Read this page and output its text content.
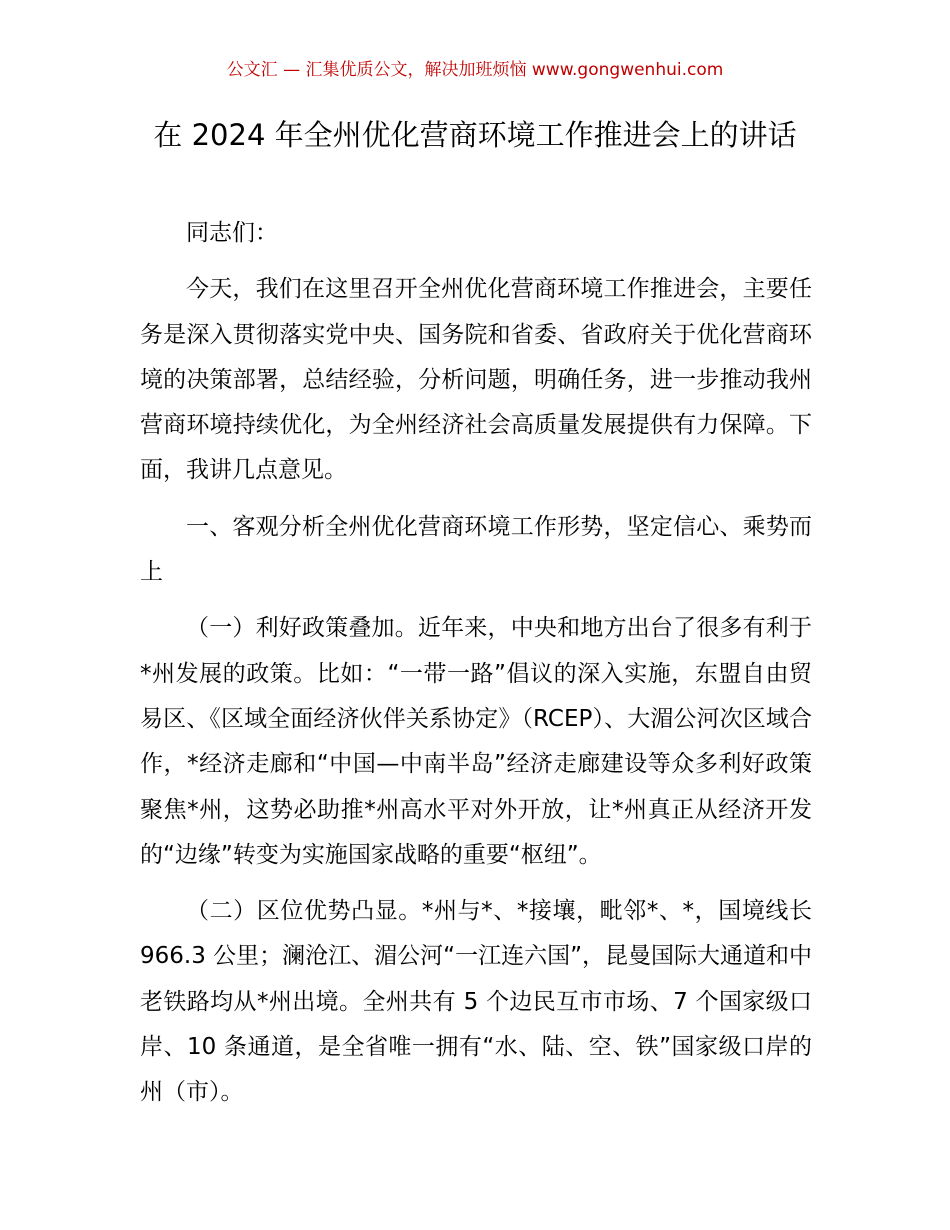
公文汇 — 汇集优质公文，解决加班烦恼 www.gongwenhui.com
在 2024 年全州优化营商环境工作推进会上的讲话

同志们：

今天，我们在这里召开全州优化营商环境工作推进会，主要任务是深入贯彻落实党中央、国务院和省委、省政府关于优化营商环境的决策部署，总结经验，分析问题，明确任务，进一步推动我州营商环境持续优化，为全州经济社会高质量发展提供有力保障。下面，我讲几点意见。

一、客观分析全州优化营商环境工作形势，坚定信心、乘势而上

（一）利好政策叠加。近年来，中央和地方出台了很多有利于*州发展的政策。比如：“一带一路”倡议的深入实施，东盟自由贸易区、《区域全面经济伙伴关系协定》（RCEP）、大湄公河次区域合作，*经济走廊和“中国—中南半岛”经济走廊建设等众多利好政策聚焦*州，这势必助推*州高水平对外开放，让*州真正从经济开发的“边缘”转变为实施国家战略的重要“枢纽”。

（二）区位优势凸显。*州与*、*接壤，毗邻*、*，国境线长 966.3 公里；澜沧江、湄公河“一江连六国”，昆曼国际大通道和中老铁路均从*州出境。全州共有 5 个边民互市市场、7 个国家级口岸、10 条通道，是全省唯一拥有“水、陆、空、铁”国家级口岸的州（市）。
